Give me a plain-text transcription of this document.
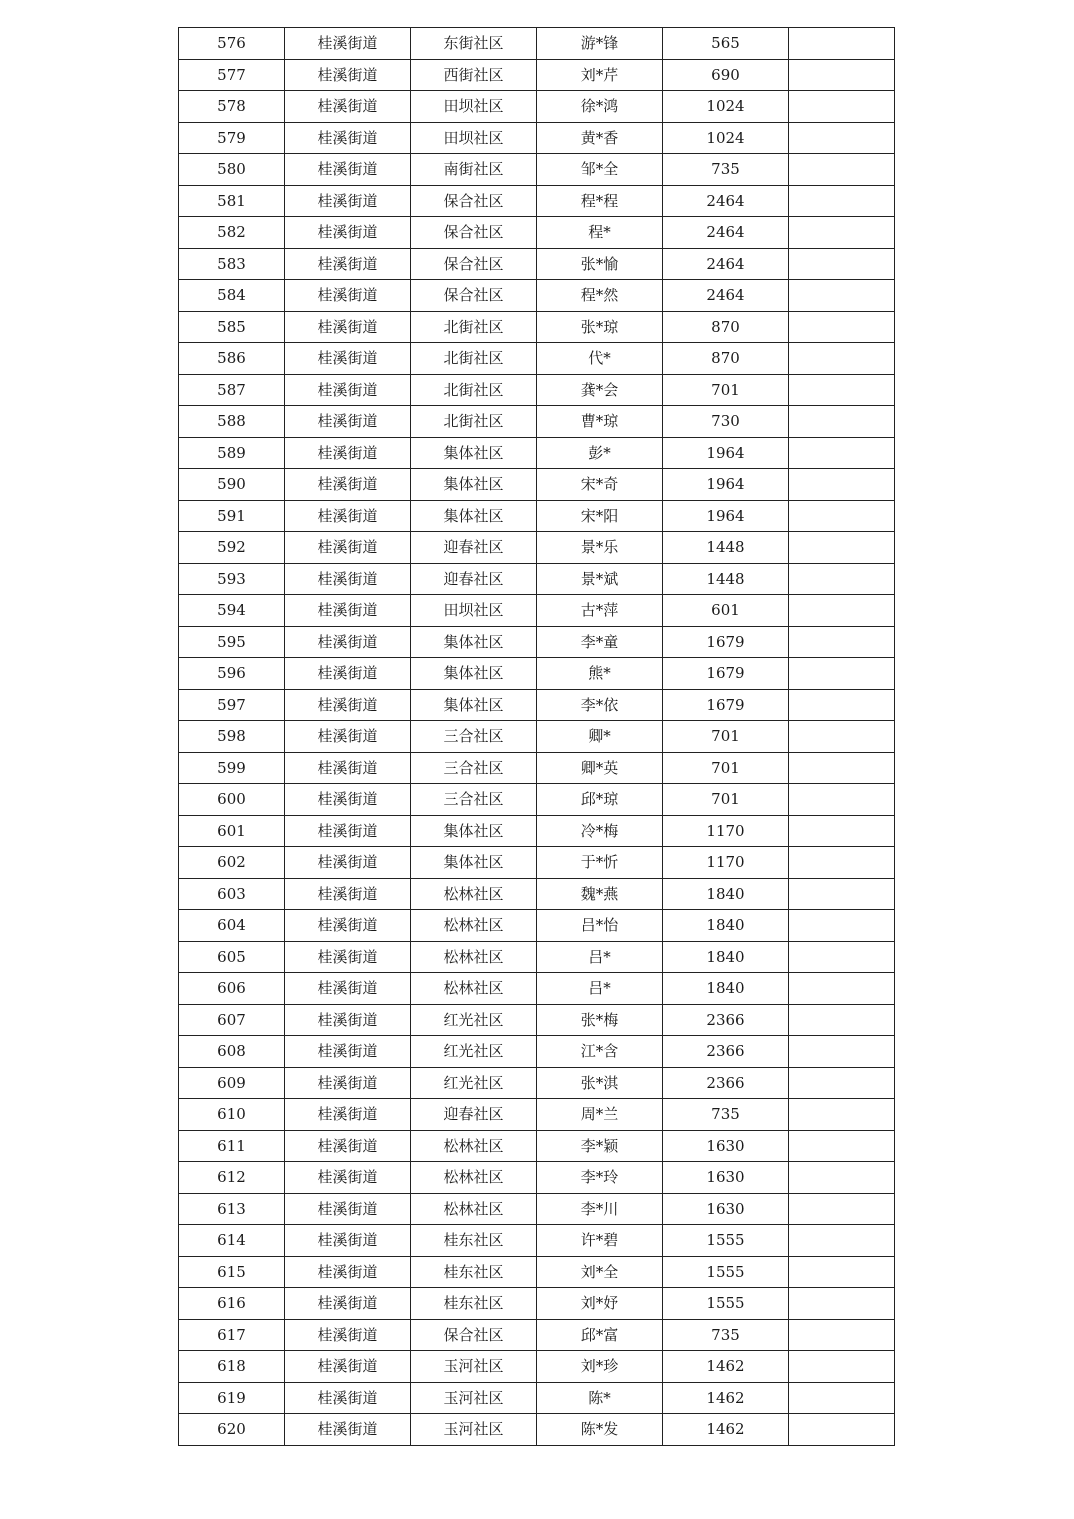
576	桂溪街道	东街社区	游*锋	565	
577	桂溪街道	西街社区	刘*芹	690	
578	桂溪街道	田坝社区	徐*鸿	1024	
579	桂溪街道	田坝社区	黄*香	1024	
580	桂溪街道	南街社区	邹*全	735	
581	桂溪街道	保合社区	程*程	2464	
582	桂溪街道	保合社区	程*	2464	
583	桂溪街道	保合社区	张*愉	2464	
584	桂溪街道	保合社区	程*然	2464	
585	桂溪街道	北街社区	张*琼	870	
586	桂溪街道	北街社区	代*	870	
587	桂溪街道	北街社区	龚*会	701	
588	桂溪街道	北街社区	曹*琼	730	
589	桂溪街道	集体社区	彭*	1964	
590	桂溪街道	集体社区	宋*奇	1964	
591	桂溪街道	集体社区	宋*阳	1964	
592	桂溪街道	迎春社区	景*乐	1448	
593	桂溪街道	迎春社区	景*斌	1448	
594	桂溪街道	田坝社区	古*萍	601	
595	桂溪街道	集体社区	李*童	1679	
596	桂溪街道	集体社区	熊*	1679	
597	桂溪街道	集体社区	李*依	1679	
598	桂溪街道	三合社区	卿*	701	
599	桂溪街道	三合社区	卿*英	701	
600	桂溪街道	三合社区	邱*琼	701	
601	桂溪街道	集体社区	冷*梅	1170	
602	桂溪街道	集体社区	于*忻	1170	
603	桂溪街道	松林社区	魏*燕	1840	
604	桂溪街道	松林社区	吕*怡	1840	
605	桂溪街道	松林社区	吕*	1840	
606	桂溪街道	松林社区	吕*	1840	
607	桂溪街道	红光社区	张*梅	2366	
608	桂溪街道	红光社区	江*含	2366	
609	桂溪街道	红光社区	张*淇	2366	
610	桂溪街道	迎春社区	周*兰	735	
611	桂溪街道	松林社区	李*颖	1630	
612	桂溪街道	松林社区	李*玲	1630	
613	桂溪街道	松林社区	李*川	1630	
614	桂溪街道	桂东社区	许*碧	1555	
615	桂溪街道	桂东社区	刘*全	1555	
616	桂溪街道	桂东社区	刘*妤	1555	
617	桂溪街道	保合社区	邱*富	735	
618	桂溪街道	玉河社区	刘*珍	1462	
619	桂溪街道	玉河社区	陈*	1462	
620	桂溪街道	玉河社区	陈*发	1462	
